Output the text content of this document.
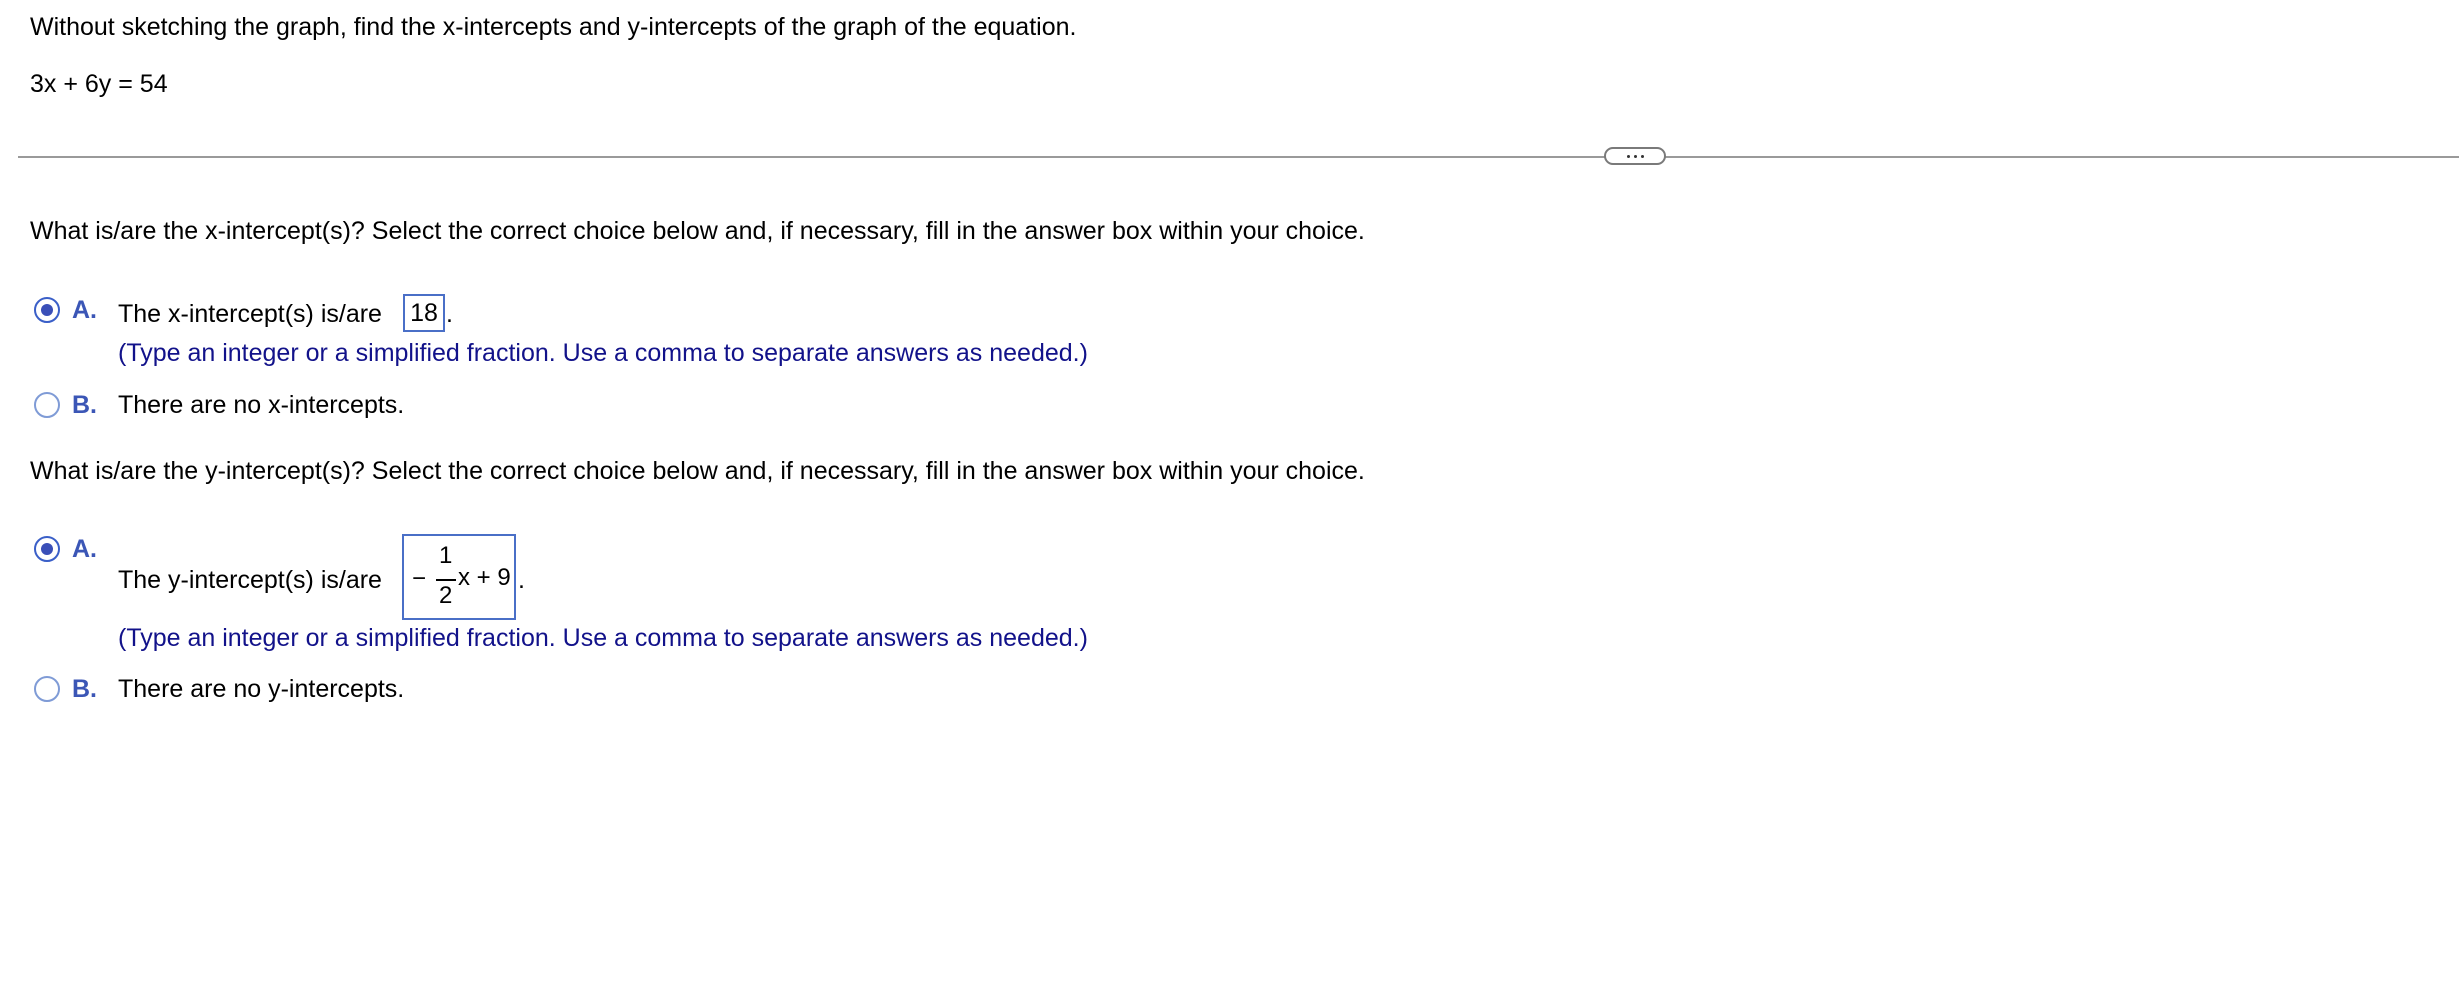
Without sketching the graph, find the x-intercepts and y-intercepts of the graph of the equation.
3x + 6y = 54
What is/are the x-intercept(s)? Select the correct choice below and, if necessary, fill in the answer box within your choice.
A. The x-intercept(s) is/are 18 .
(Type an integer or a simplified fraction. Use a comma to separate answers as needed.)
B. There are no x-intercepts.
What is/are the y-intercept(s)? Select the correct choice below and, if necessary, fill in the answer box within your choice.
A.
The y-intercept(s) is/are −
1
2
x + 9 .
(Type an integer or a simplified fraction. Use a comma to separate answers as needed.)
B. There are no y-intercepts.
